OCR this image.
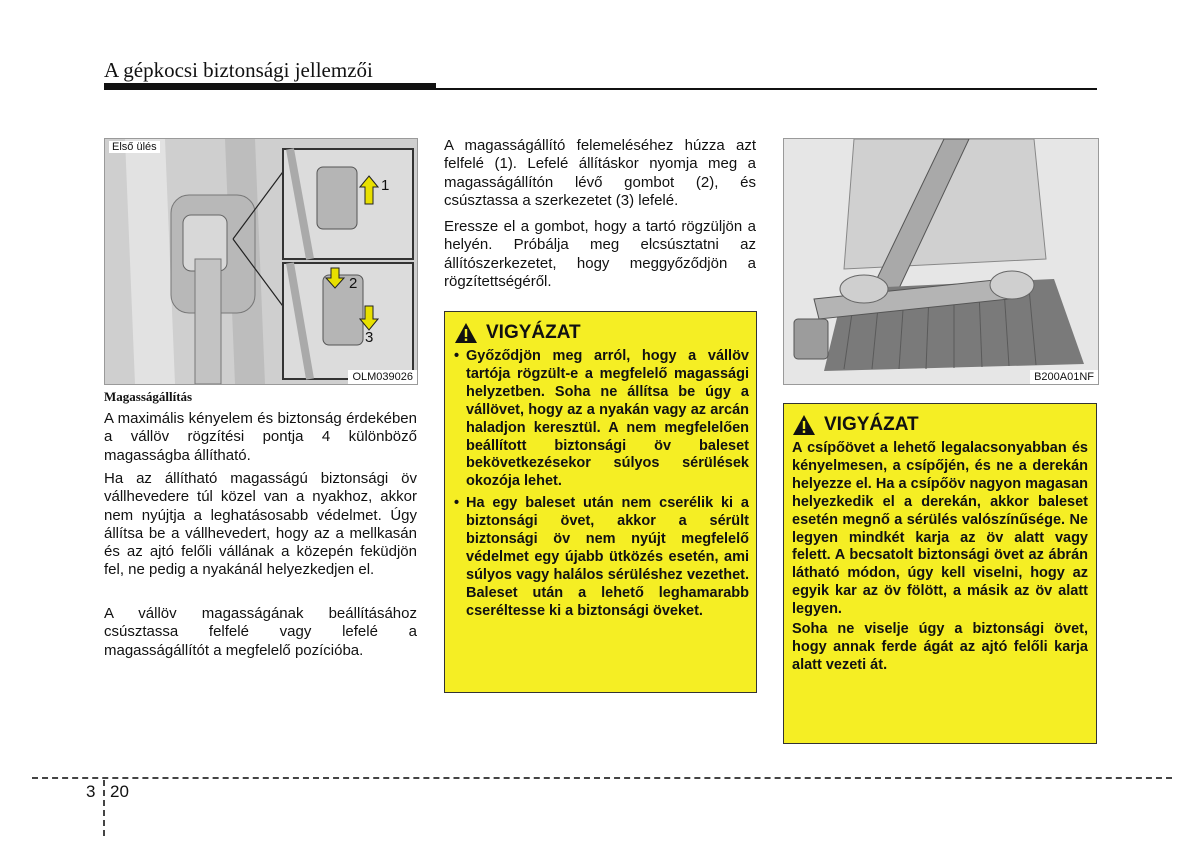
A gépkocsi biztonsági jellemzői
Első ülés
1
2
3
OLM039026
Magasságállítás

A maximális kényelem és biztonság érdekében a vállöv rögzítési pontja 4 különböző magasságba állítható.

Ha az állítható magasságú biztonsági öv vállhevedere túl közel van a nyakhoz, akkor nem nyújtja a leghatásosabb védelmet. Úgy állítsa be a vállhevedert, hogy az a mellkasán és az ajtó felőli vállának a közepén feküdjön fel, ne pedig a nyakánál helyezkedjen el.

A vállöv magasságának beállításához csúsztassa felfelé vagy lefelé a magasságállítót a megfelelő pozícióba.

A magasságállító felemeléséhez húzza azt felfelé (1). Lefelé állításkor nyomja meg a magasságállítón lévő gombot (2), és csúsztassa a szerkezetet (3) lefelé.

Eressze el a gombot, hogy a tartó rögzüljön a helyén. Próbálja meg elcsúsztatni az állítószerkezetet, hogy meggyőződjön a rögzítettségéről.

VIGYÁZAT
• Győződjön meg arról, hogy a vállöv tartója rögzült-e a megfelelő magassági helyzetben. Soha ne állítsa be úgy a vállövet, hogy az a nyakán vagy az arcán haladjon keresztül. A nem megfelelően beállított biztonsági öv baleset bekövetkezésekor súlyos sérülések okozója lehet.
• Ha egy baleset után nem cserélik ki a biztonsági övet, akkor a sérült biztonsági öv nem nyújt megfelelő védelmet egy újabb ütközés esetén, ami súlyos vagy halálos sérüléshez vezethet. Baleset után a lehető leghamarabb cseréltesse ki a biztonsági öveket.
B200A01NF
VIGYÁZAT

A csípőövet a lehető legalacsonyabban és kényelmesen, a csípőjén, és ne a derekán helyezze el. Ha a csípőöv nagyon magasan helyezkedik el a derekán, akkor baleset esetén megnő a sérülés valószínűsége. Ne legyen mindkét karja az öv alatt vagy felett. A becsatolt biztonsági övet az ábrán látható módon, úgy kell viselni, hogy az egyik kar az öv fölött, a másik az öv alatt legyen.

Soha ne viselje úgy a biztonsági övet, hogy annak ferde ágát az ajtó felőli karja alatt vezeti át.

3 20
